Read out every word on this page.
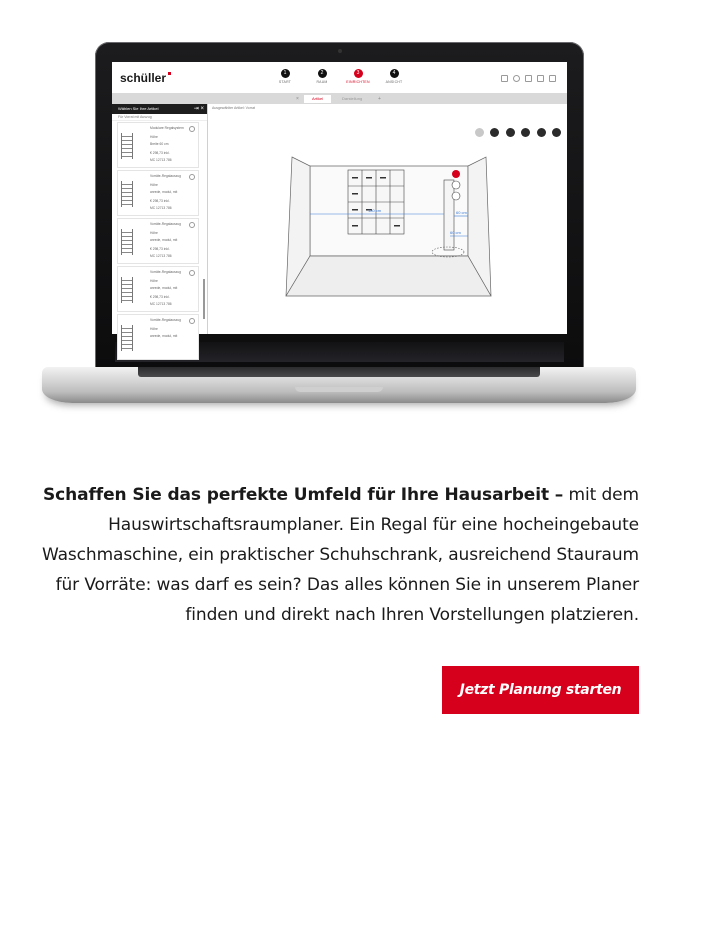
schüller	1
START
2
RAUM
3
EINRICHTEN
4
ANSICHT
×	Artikel	Darstellung	+
Wählen Sie Ihre Artikel	⇥ ×
Für Vorrat mit Auszug
Modulare Regalsystem
Höhe
Breite 60 cm
€ 298,73 inkl.
MC 12713 786
Vorräte-Regalauszug
Höhe
anrede, modul, mit
€ 298,73 inkl.
MC 12713 786
Vorräte-Regalauszug
Höhe
anrede, modul, mit
€ 298,73 inkl.
MC 12713 786
Vorräte-Regalauszug
Höhe
anrede, modul, mit
€ 298,73 inkl.
MC 12713 786
Vorräte-Regalauszug
Höhe
anrede, modul, mit
Ausgewählter Artikel: Vorrat

180 cm	60 cm
60 cm

Schaffen Sie das perfekte Umfeld für Ihre Hausarbeit – mit dem Hauswirtschaftsraumplaner. Ein Regal für eine hocheingebaute Waschmaschine, ein praktischer Schuhschrank, ausreichend Stauraum für Vorräte: was darf es sein? Das alles können Sie in unserem Planer finden und direkt nach Ihren Vorstellungen platzieren.

Jetzt Planung starten
